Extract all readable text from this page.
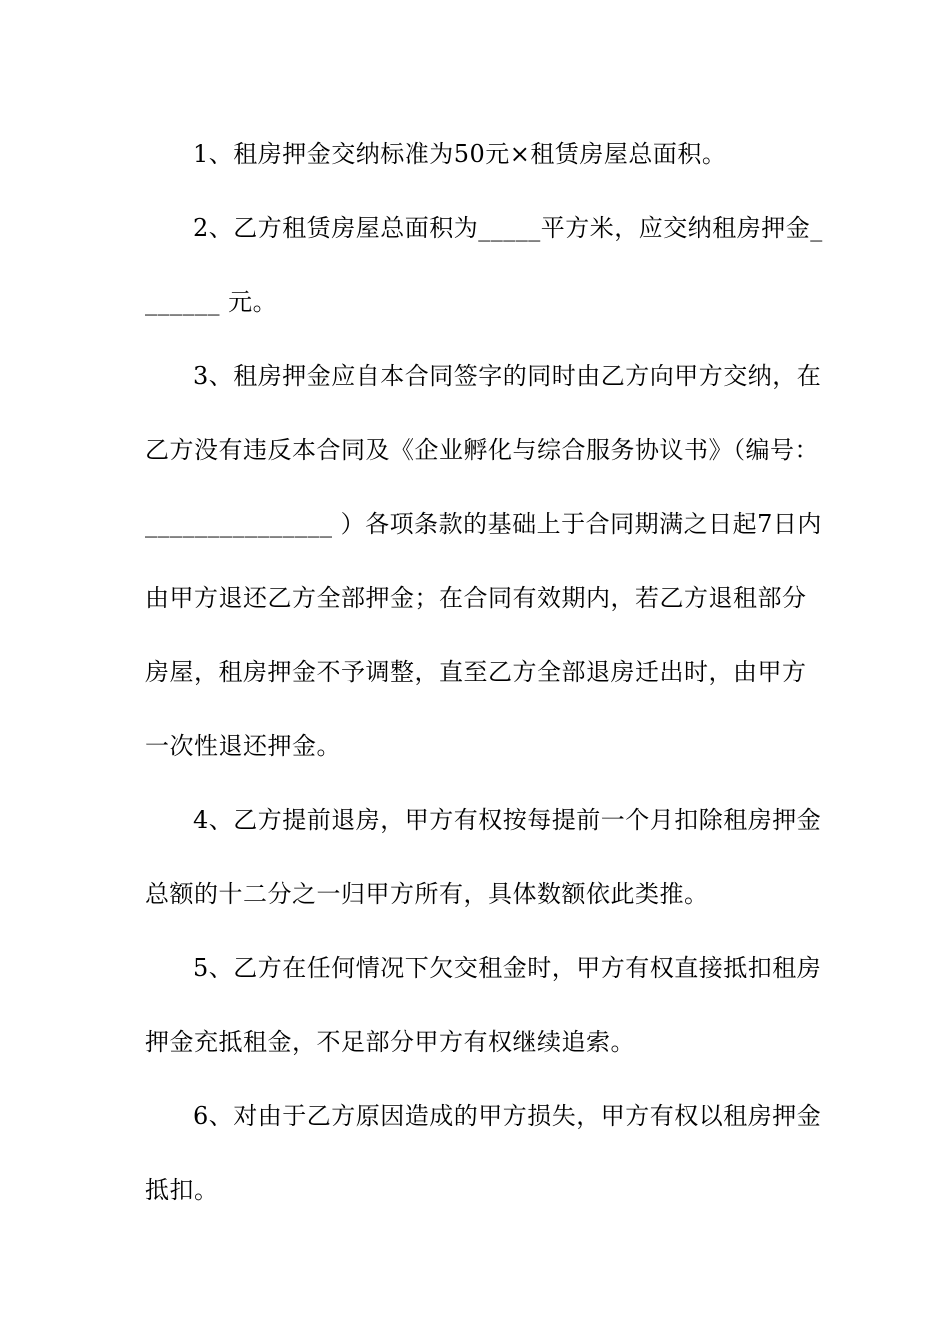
1、租房押金交纳标准为50元×租赁房屋总面积。
2、乙方租赁房屋总面积为_____平方米，应交纳租房押金_
______ 元。
3、租房押金应自本合同签字的同时由乙方向甲方交纳，在
乙方没有违反本合同及《企业孵化与综合服务协议书》（编号：
_______________ ）各项条款的基础上于合同期满之日起7日内
由甲方退还乙方全部押金；在合同有效期内，若乙方退租部分
房屋，租房押金不予调整，直至乙方全部退房迁出时，由甲方
一次性退还押金。
4、乙方提前退房，甲方有权按每提前一个月扣除租房押金
总额的十二分之一归甲方所有，具体数额依此类推。
5、乙方在任何情况下欠交租金时，甲方有权直接抵扣租房
押金充抵租金，不足部分甲方有权继续追索。
6、对由于乙方原因造成的甲方损失，甲方有权以租房押金
抵扣。
